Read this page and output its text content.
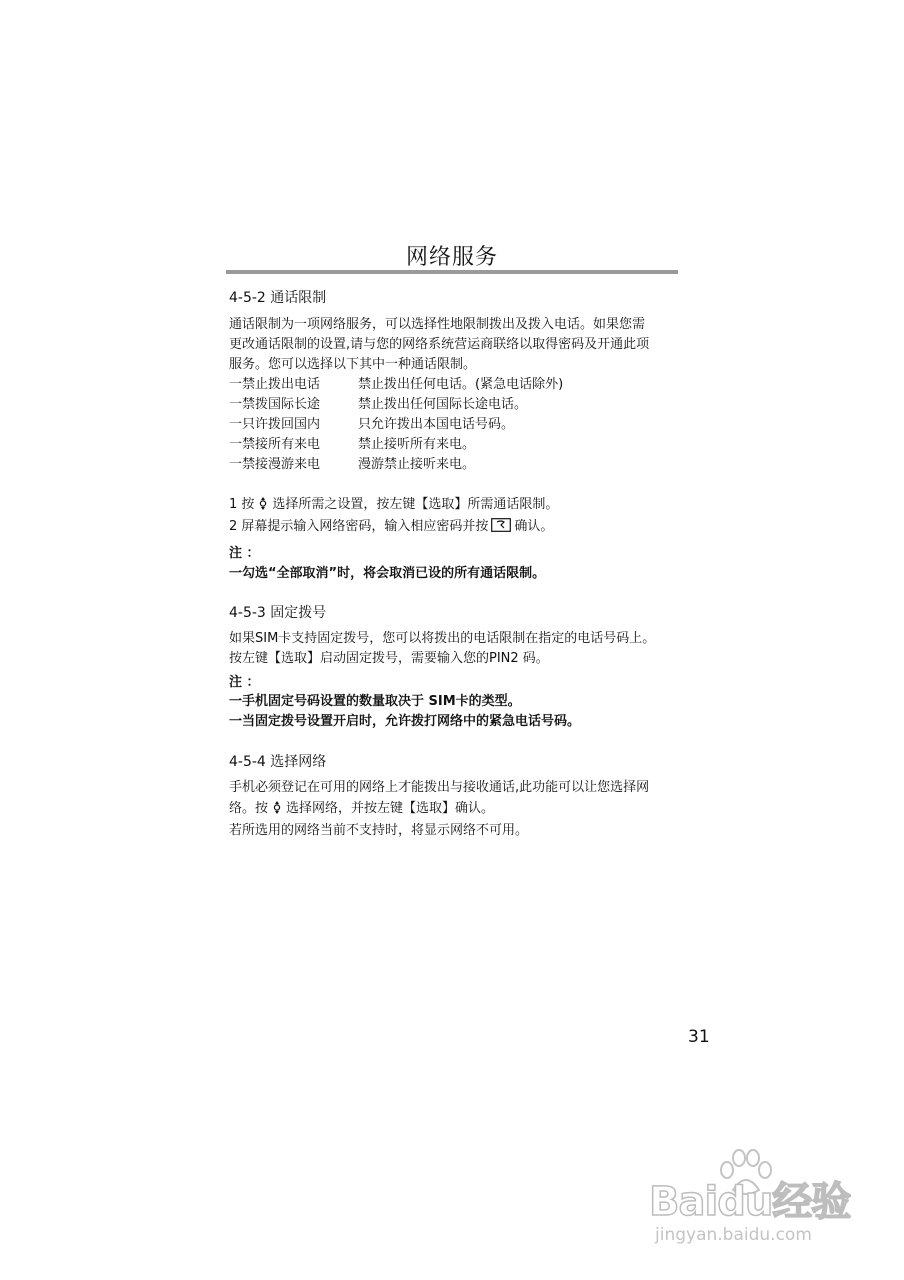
网络服务
4-5-2 通话限制
通话限制为一项网络服务，可以选择性地限制拨出及拨入电话。如果您需
更改通话限制的设置,请与您的网络系统营运商联络以取得密码及开通此项
服务。您可以选择以下其中一种通话限制。
一禁止拨出电话	禁止拨出任何电话。(紧急电话除外)
一禁拨国际长途	禁止拨出任何国际长途电话。
一只许拨回国内	只允许拨出本国电话号码。
一禁接所有来电	禁止接听所有来电。
一禁接漫游来电	漫游禁止接听来电。
1 按 选择所需之设置，按左键【选取】所需通话限制。
2 屏幕提示输入网络密码，输入相应密码并按 确认。
注 ：
一勾选“全部取消”时，将会取消已设的所有通话限制。
4-5-3 固定拨号
如果SIM卡支持固定拨号，您可以将拨出的电话限制在指定的电话号码上。
按左键【选取】启动固定拨号，需要输入您的PIN2 码。
注 ：
一手机固定号码设置的数量取决于 SIM卡的类型。
一当固定拨号设置开启时，允许拨打网络中的紧急电话号码。
4-5-4 选择网络
手机必须登记在可用的网络上才能拨出与接收通话,此功能可以让您选择网
络。按 选择网络，并按左键【选取】确认。
若所选用的网络当前不支持时，将显示网络不可用。
31
Baidu经验
jingyan.baidu.com
